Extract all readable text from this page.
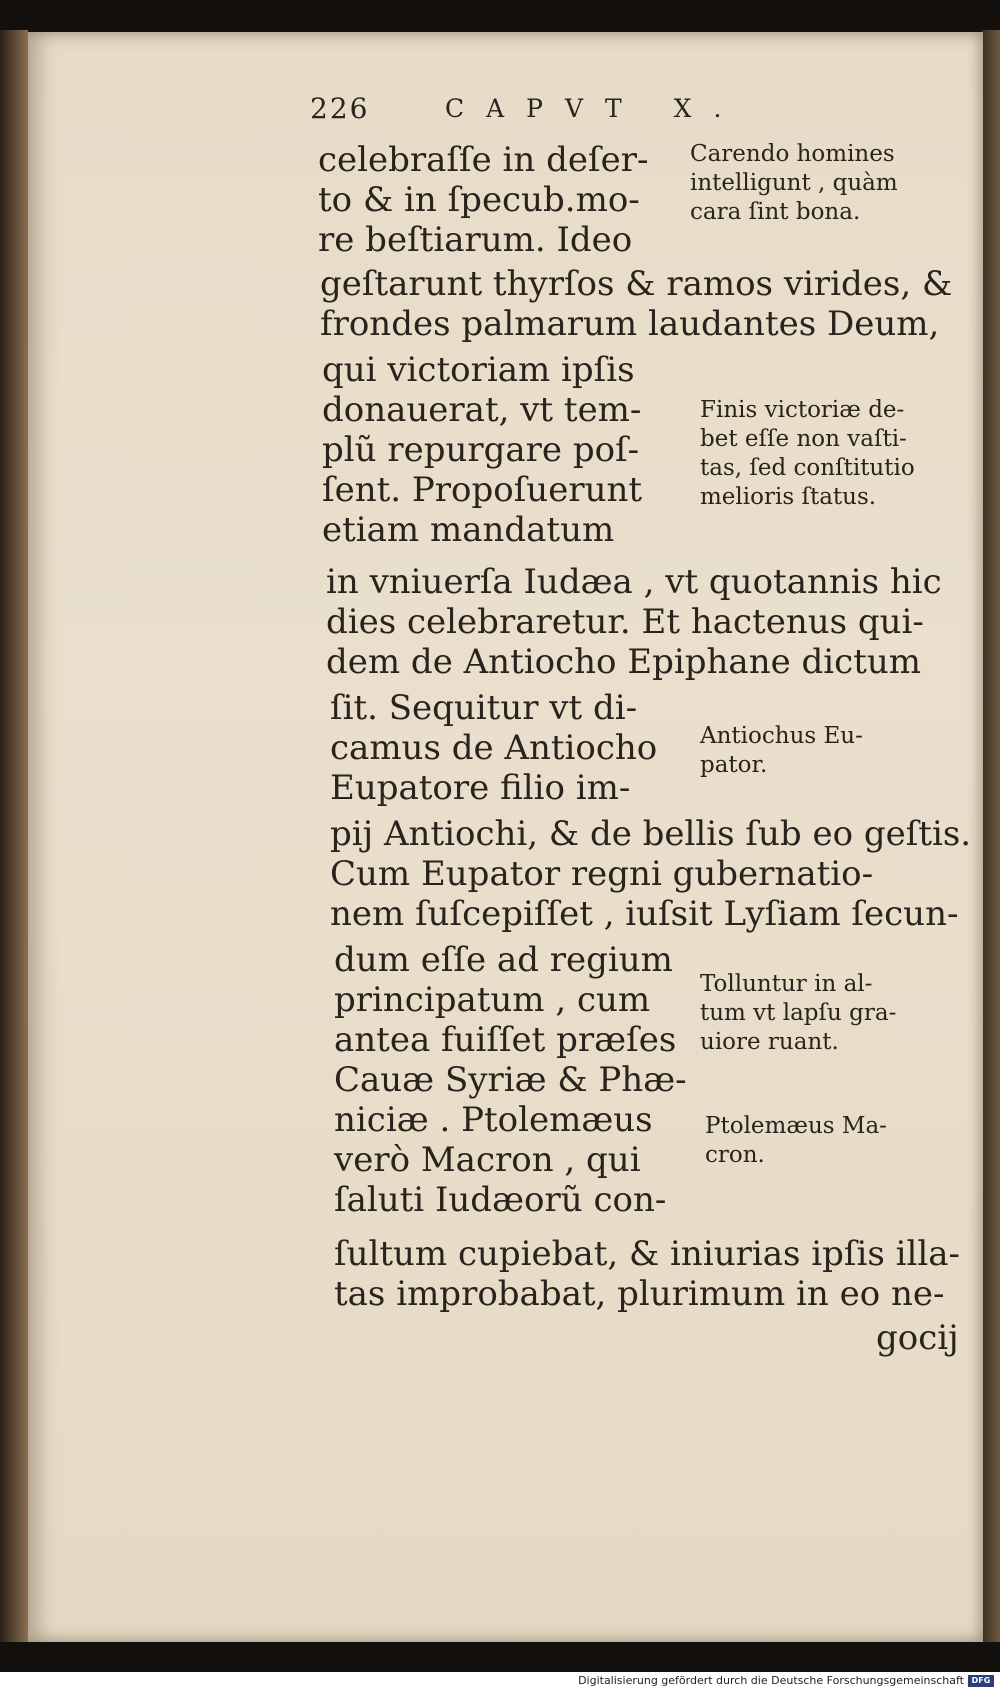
226	CAPVT X.
celebraſſe in deſer-
to & in ſpecub.mo-
re beſtiarum. Ideo
Carendo homines
intelligunt , quàm
cara ſint bona.
geſtarunt thyrſos & ramos virides, &
frondes palmarum laudantes Deum,
qui victoriam ipſis
donauerat, vt tem-
plũ repurgare poſ-
ſent. Propoſuerunt
etiam mandatum
Finis victoriæ de-
bet eſſe non vaſti-
tas, ſed conſtitutio
melioris ſtatus.
in vniuerſa Iudæa , vt quotannis hic
dies celebraretur. Et hactenus qui-
dem de Antiocho Epiphane dictum
ſit. Sequitur vt di-
camus de Antiocho
Eupatore filio im-
Antiochus Eu-
pator.
pij Antiochi, & de bellis ſub eo geſtis.
Cum Eupator regni gubernatio-
nem ſuſcepiſſet , iuſsit Lyſiam ſecun-
dum eſſe ad regium
principatum , cum
antea fuiſſet præſes
Cauæ Syriæ & Phæ-
niciæ . Ptolemæus
verò Macron , qui
ſaluti Iudæorũ con-
Tolluntur in al-
tum vt lapſu gra-
uiore ruant.
Ptolemæus Ma-
cron.
ſultum cupiebat, & iniurias ipſis illa-
tas improbabat, plurimum in eo ne-
gocij
Digitalisierung gefördert durch die Deutsche Forschungsgemeinschaft DFG
